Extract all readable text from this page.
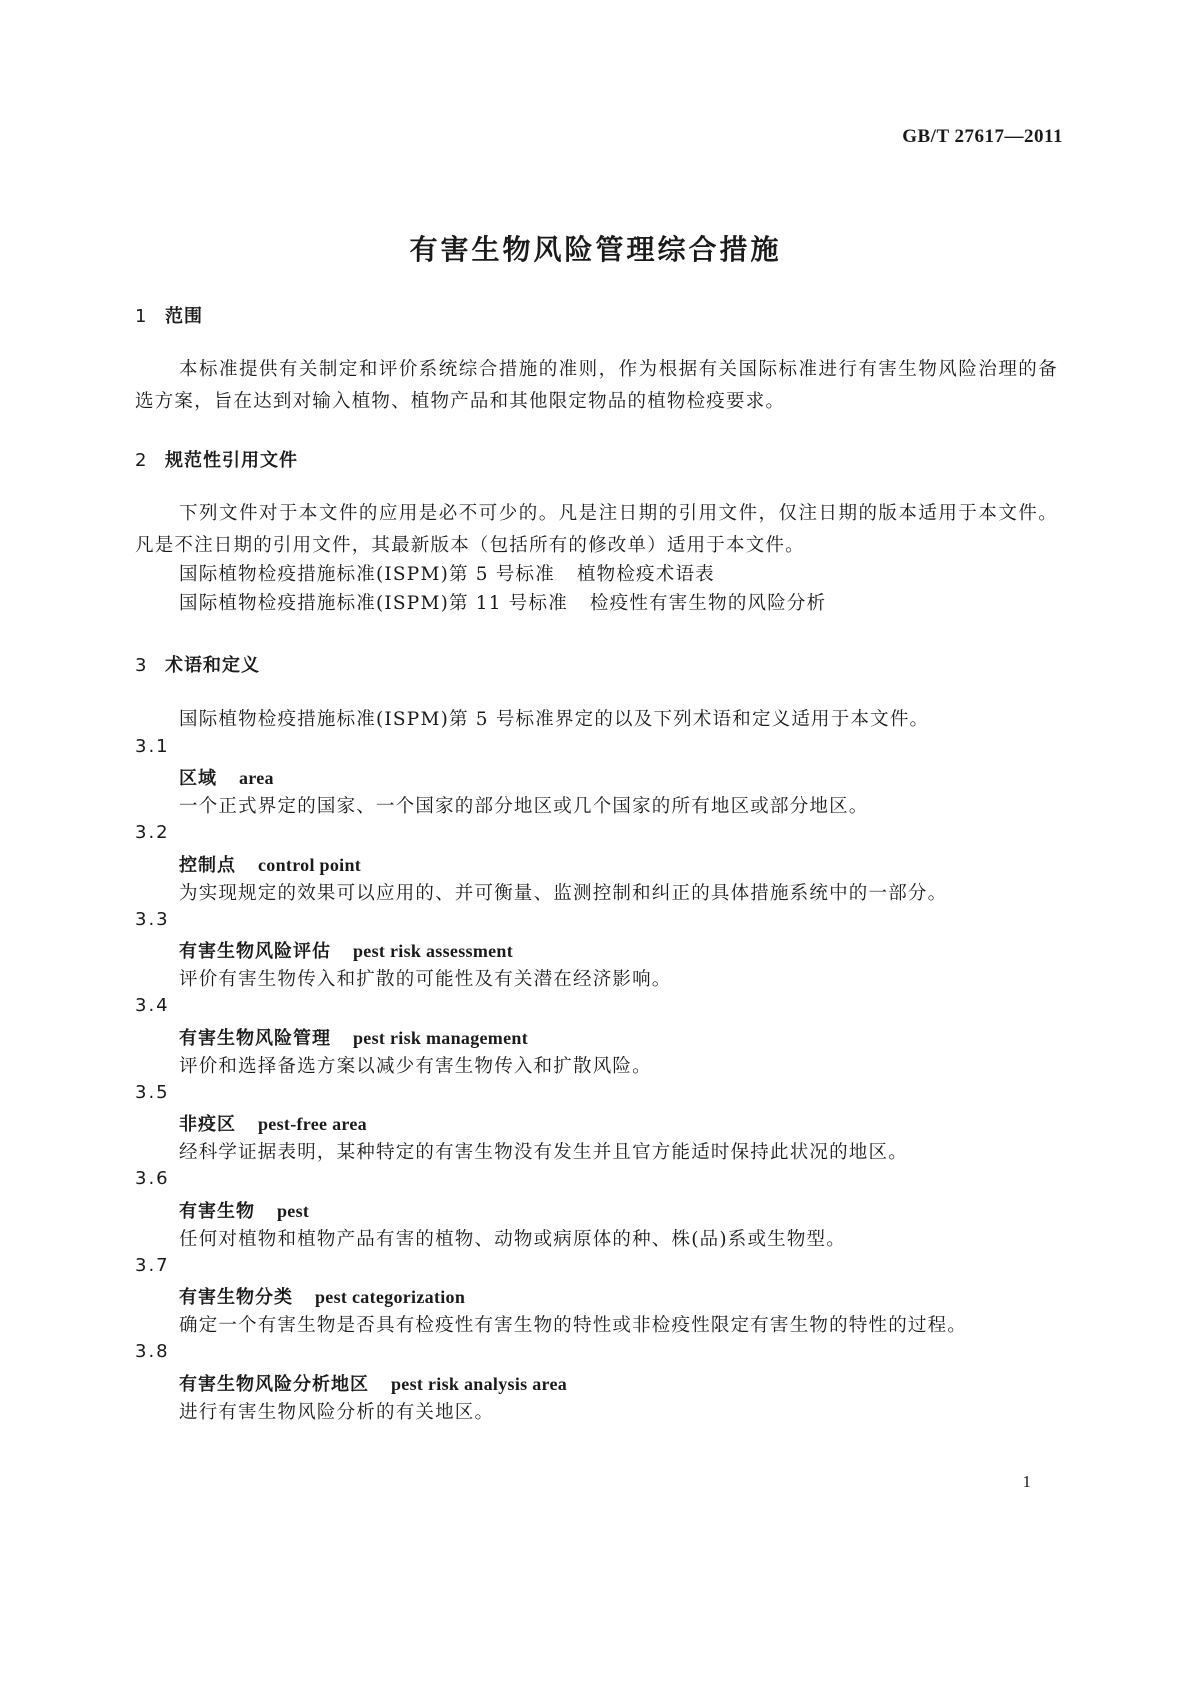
GB/T 27617—2011
有害生物风险管理综合措施
1 范围
本标准提供有关制定和评价系统综合措施的准则，作为根据有关国际标准进行有害生物风险治理的备选方案，旨在达到对输入植物、植物产品和其他限定物品的植物检疫要求。
2 规范性引用文件
下列文件对于本文件的应用是必不可少的。凡是注日期的引用文件，仅注日期的版本适用于本文件。凡是不注日期的引用文件，其最新版本（包括所有的修改单）适用于本文件。
国际植物检疫措施标准(ISPM)第 5 号标准 植物检疫术语表
国际植物检疫措施标准(ISPM)第 11 号标准 检疫性有害生物的风险分析
3 术语和定义
国际植物检疫措施标准(ISPM)第 5 号标准界定的以及下列术语和定义适用于本文件。
3.1
区域 area
一个正式界定的国家、一个国家的部分地区或几个国家的所有地区或部分地区。
3.2
控制点 control point
为实现规定的效果可以应用的、并可衡量、监测控制和纠正的具体措施系统中的一部分。
3.3
有害生物风险评估 pest risk assessment
评价有害生物传入和扩散的可能性及有关潜在经济影响。
3.4
有害生物风险管理 pest risk management
评价和选择备选方案以减少有害生物传入和扩散风险。
3.5
非疫区 pest-free area
经科学证据表明，某种特定的有害生物没有发生并且官方能适时保持此状况的地区。
3.6
有害生物 pest
任何对植物和植物产品有害的植物、动物或病原体的种、株(品)系或生物型。
3.7
有害生物分类 pest categorization
确定一个有害生物是否具有检疫性有害生物的特性或非检疫性限定有害生物的特性的过程。
3.8
有害生物风险分析地区 pest risk analysis area
进行有害生物风险分析的有关地区。
1
